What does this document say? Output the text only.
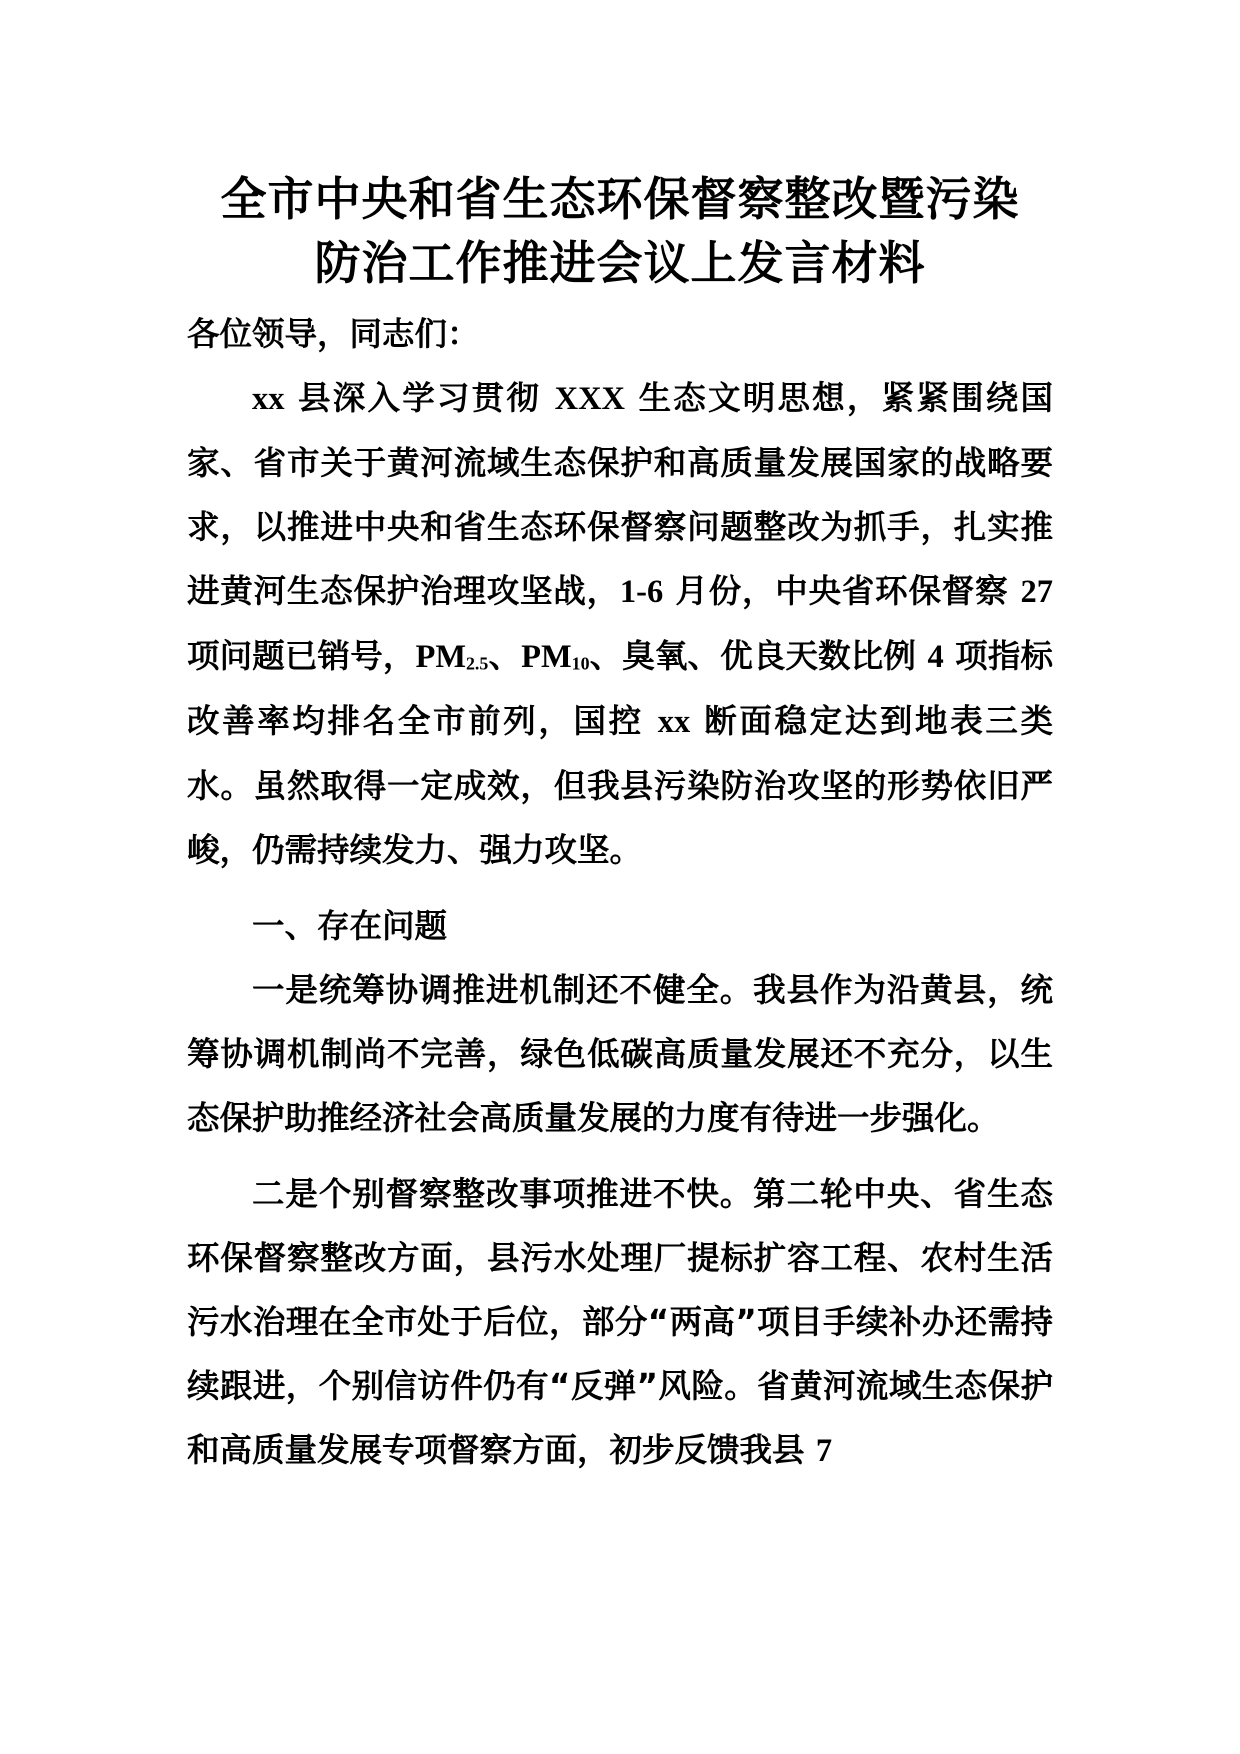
全市中央和省生态环保督察整改暨污染
防治工作推进会议上发言材料

各位领导，同志们：

xx 县深入学习贯彻 XXX 生态文明思想，紧紧围绕国家、省市关于黄河流域生态保护和高质量发展国家的战略要求，以推进中央和省生态环保督察问题整改为抓手，扎实推进黄河生态保护治理攻坚战，1-6 月份，中央省环保督察 27 项问题已销号，$PM_{2.5}$、$PM_{10}$、臭氧、优良天数比例 4 项指标改善率均排名全市前列，国控 xx 断面稳定达到地表三类水。虽然取得一定成效，但我县污染防治攻坚的形势依旧严峻，仍需持续发力、强力攻坚。

一、存在问题

一是统筹协调推进机制还不健全。我县作为沿黄县，统筹协调机制尚不完善，绿色低碳高质量发展还不充分，以生态保护助推经济社会高质量发展的力度有待进一步强化。

二是个别督察整改事项推进不快。第二轮中央、省生态环保督察整改方面，县污水处理厂提标扩容工程、农村生活污水治理在全市处于后位，部分“两高”项目手续补办还需持续跟进，个别信访件仍有“反弹”风险。省黄河流域生态保护和高质量发展专项督察方面，初步反馈我县 7
